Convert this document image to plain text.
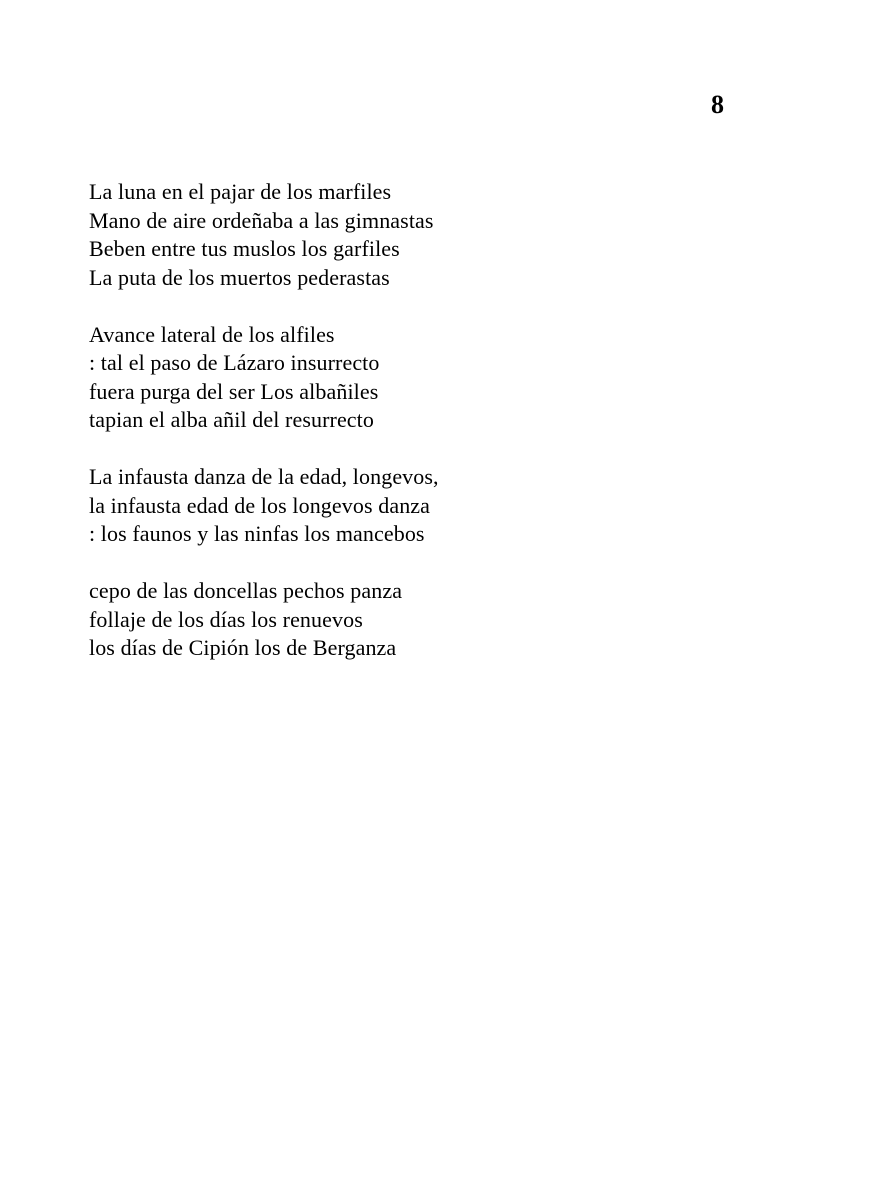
8
La luna en el pajar de los marfiles
Mano de aire ordeñaba a las gimnastas
Beben entre tus muslos los garfiles
La puta de los muertos pederastas
Avance lateral de los alfiles
: tal el paso de Lázaro insurrecto
fuera purga del ser Los albañiles
tapian el alba añil del resurrecto
La infausta danza de la edad, longevos,
la infausta edad de los longevos danza
: los faunos y las ninfas los mancebos
cepo de las doncellas pechos panza
follaje de los días los renuevos
los días de Cipión los de Berganza
